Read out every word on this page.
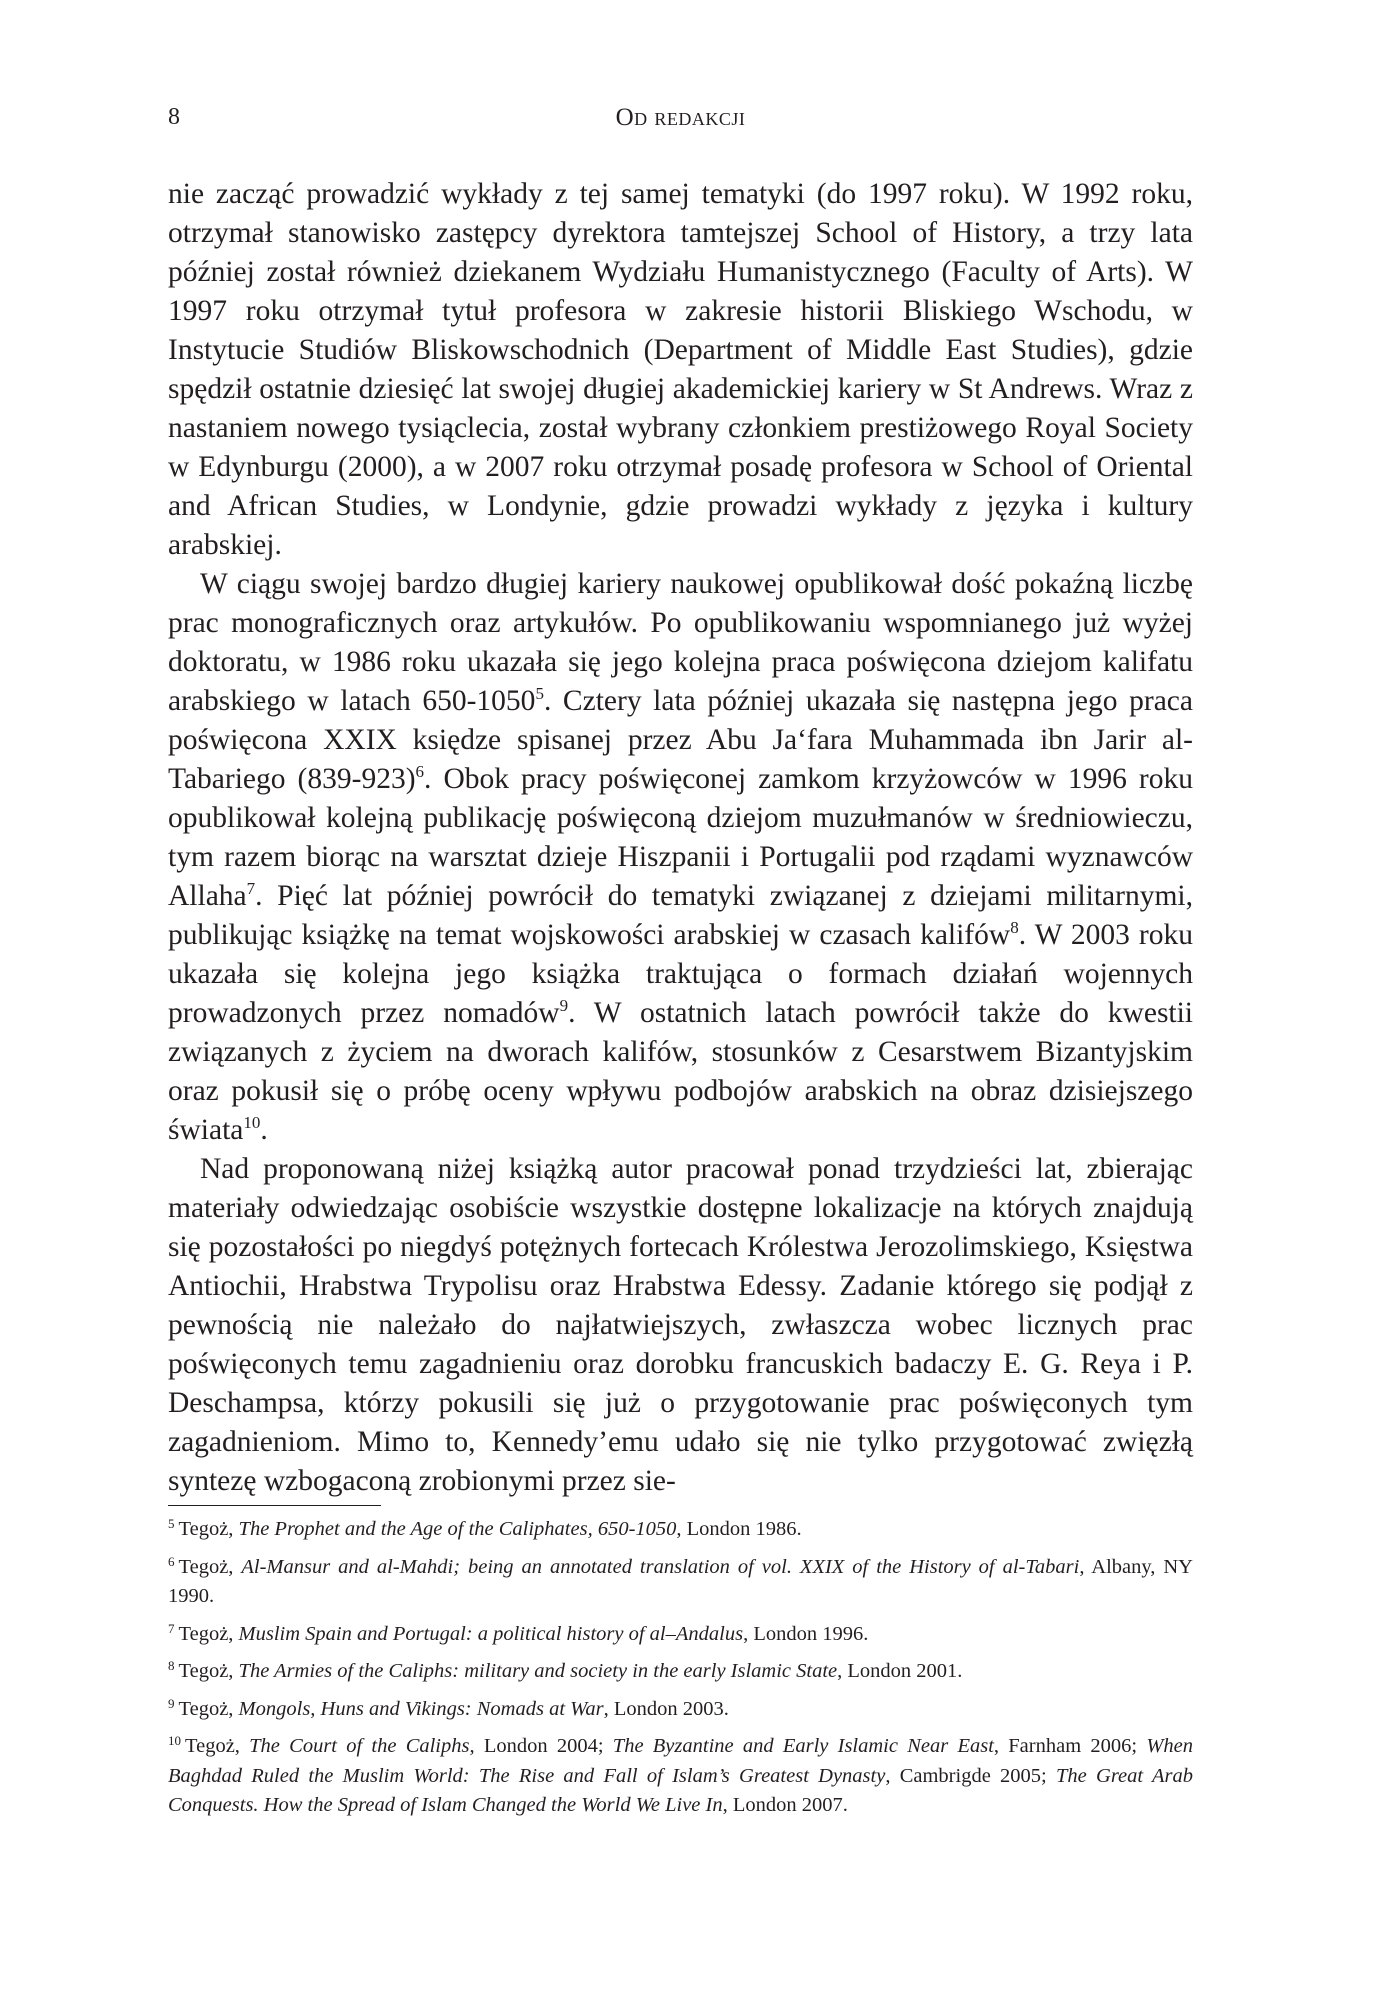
8	Od redakcji

nie zacząć prowadzić wykłady z tej samej tematyki (do 1997 roku). W 1992 roku, otrzymał stanowisko zastępcy dyrektora tamtejszej School of History, a trzy lata później został również dziekanem Wydziału Humanistycznego (Faculty of Arts). W 1997 roku otrzymał tytuł profesora w zakresie historii Bliskiego Wschodu, w Instytucie Studiów Bliskowschodnich (Department of Middle East Studies), gdzie spędził ostatnie dziesięć lat swojej długiej akademickiej kariery w St Andrews. Wraz z nastaniem nowego tysiąclecia, został wybrany członkiem prestiżowego Royal Society w Edynburgu (2000), a w 2007 roku otrzymał posadę profesora w School of Oriental and African Studies, w Londynie, gdzie prowadzi wykłady z języka i kultury arabskiej.

W ciągu swojej bardzo długiej kariery naukowej opublikował dość pokaźną liczbę prac monograficznych oraz artykułów. Po opublikowaniu wspomnianego już wyżej doktoratu, w 1986 roku ukazała się jego kolejna praca poświęcona dziejom kalifatu arabskiego w latach 650-1050$^5$. Cztery lata później ukazała się następna jego praca poświęcona XXIX księdze spisanej przez Abu Ja‘fara Muhammada ibn Jarir al-Tabariego (839-923)$^6$. Obok pracy poświęconej zamkom krzyżowców w 1996 roku opublikował kolejną publikację poświęconą dziejom muzułmanów w średniowieczu, tym razem biorąc na warsztat dzieje Hiszpanii i Portugalii pod rządami wyznawców Allaha$^7$. Pięć lat później powrócił do tematyki związanej z dziejami militarnymi, publikując książkę na temat wojskowości arabskiej w czasach kalifów$^8$. W 2003 roku ukazała się kolejna jego książka traktująca o formach działań wojennych prowadzonych przez nomadów$^9$. W ostatnich latach powrócił także do kwestii związanych z życiem na dworach kalifów, stosunków z Cesarstwem Bizantyjskim oraz pokusił się o próbę oceny wpływu podbojów arabskich na obraz dzisiejszego świata$^{10}$.

Nad proponowaną niżej książką autor pracował ponad trzydzieści lat, zbierając materiały odwiedzając osobiście wszystkie dostępne lokalizacje na których znajdują się pozostałości po niegdyś potężnych fortecach Królestwa Jerozolimskiego, Księstwa Antiochii, Hrabstwa Trypolisu oraz Hrabstwa Edessy. Zadanie którego się podjął z pewnością nie należało do najłatwiejszych, zwłaszcza wobec licznych prac poświęconych temu zagadnieniu oraz dorobku francuskich badaczy E. G. Reya i P. Deschampsa, którzy pokusili się już o przygotowanie prac poświęconych tym zagadnieniom. Mimo to, Kennedy’emu udało się nie tylko przygotować zwięzłą syntezę wzbogaconą zrobionymi przez sie-

$^5$ Tegoż, The Prophet and the Age of the Caliphates, 650-1050, London 1986.

$^6$ Tegoż, Al-Mansur and al-Mahdi; being an annotated translation of vol. XXIX of the History of al-Tabari, Albany, NY 1990.

$^7$ Tegoż, Muslim Spain and Portugal: a political history of al–Andalus, London 1996.

$^8$ Tegoż, The Armies of the Caliphs: military and society in the early Islamic State, London 2001.

$^9$ Tegoż, Mongols, Huns and Vikings: Nomads at War, London 2003.

$^{10}$ Tegoż, The Court of the Caliphs, London 2004; The Byzantine and Early Islamic Near East, Farnham 2006; When Baghdad Ruled the Muslim World: The Rise and Fall of Islam’s Greatest Dynasty, Cambrigde 2005; The Great Arab Conquests. How the Spread of Islam Changed the World We Live In, London 2007.
